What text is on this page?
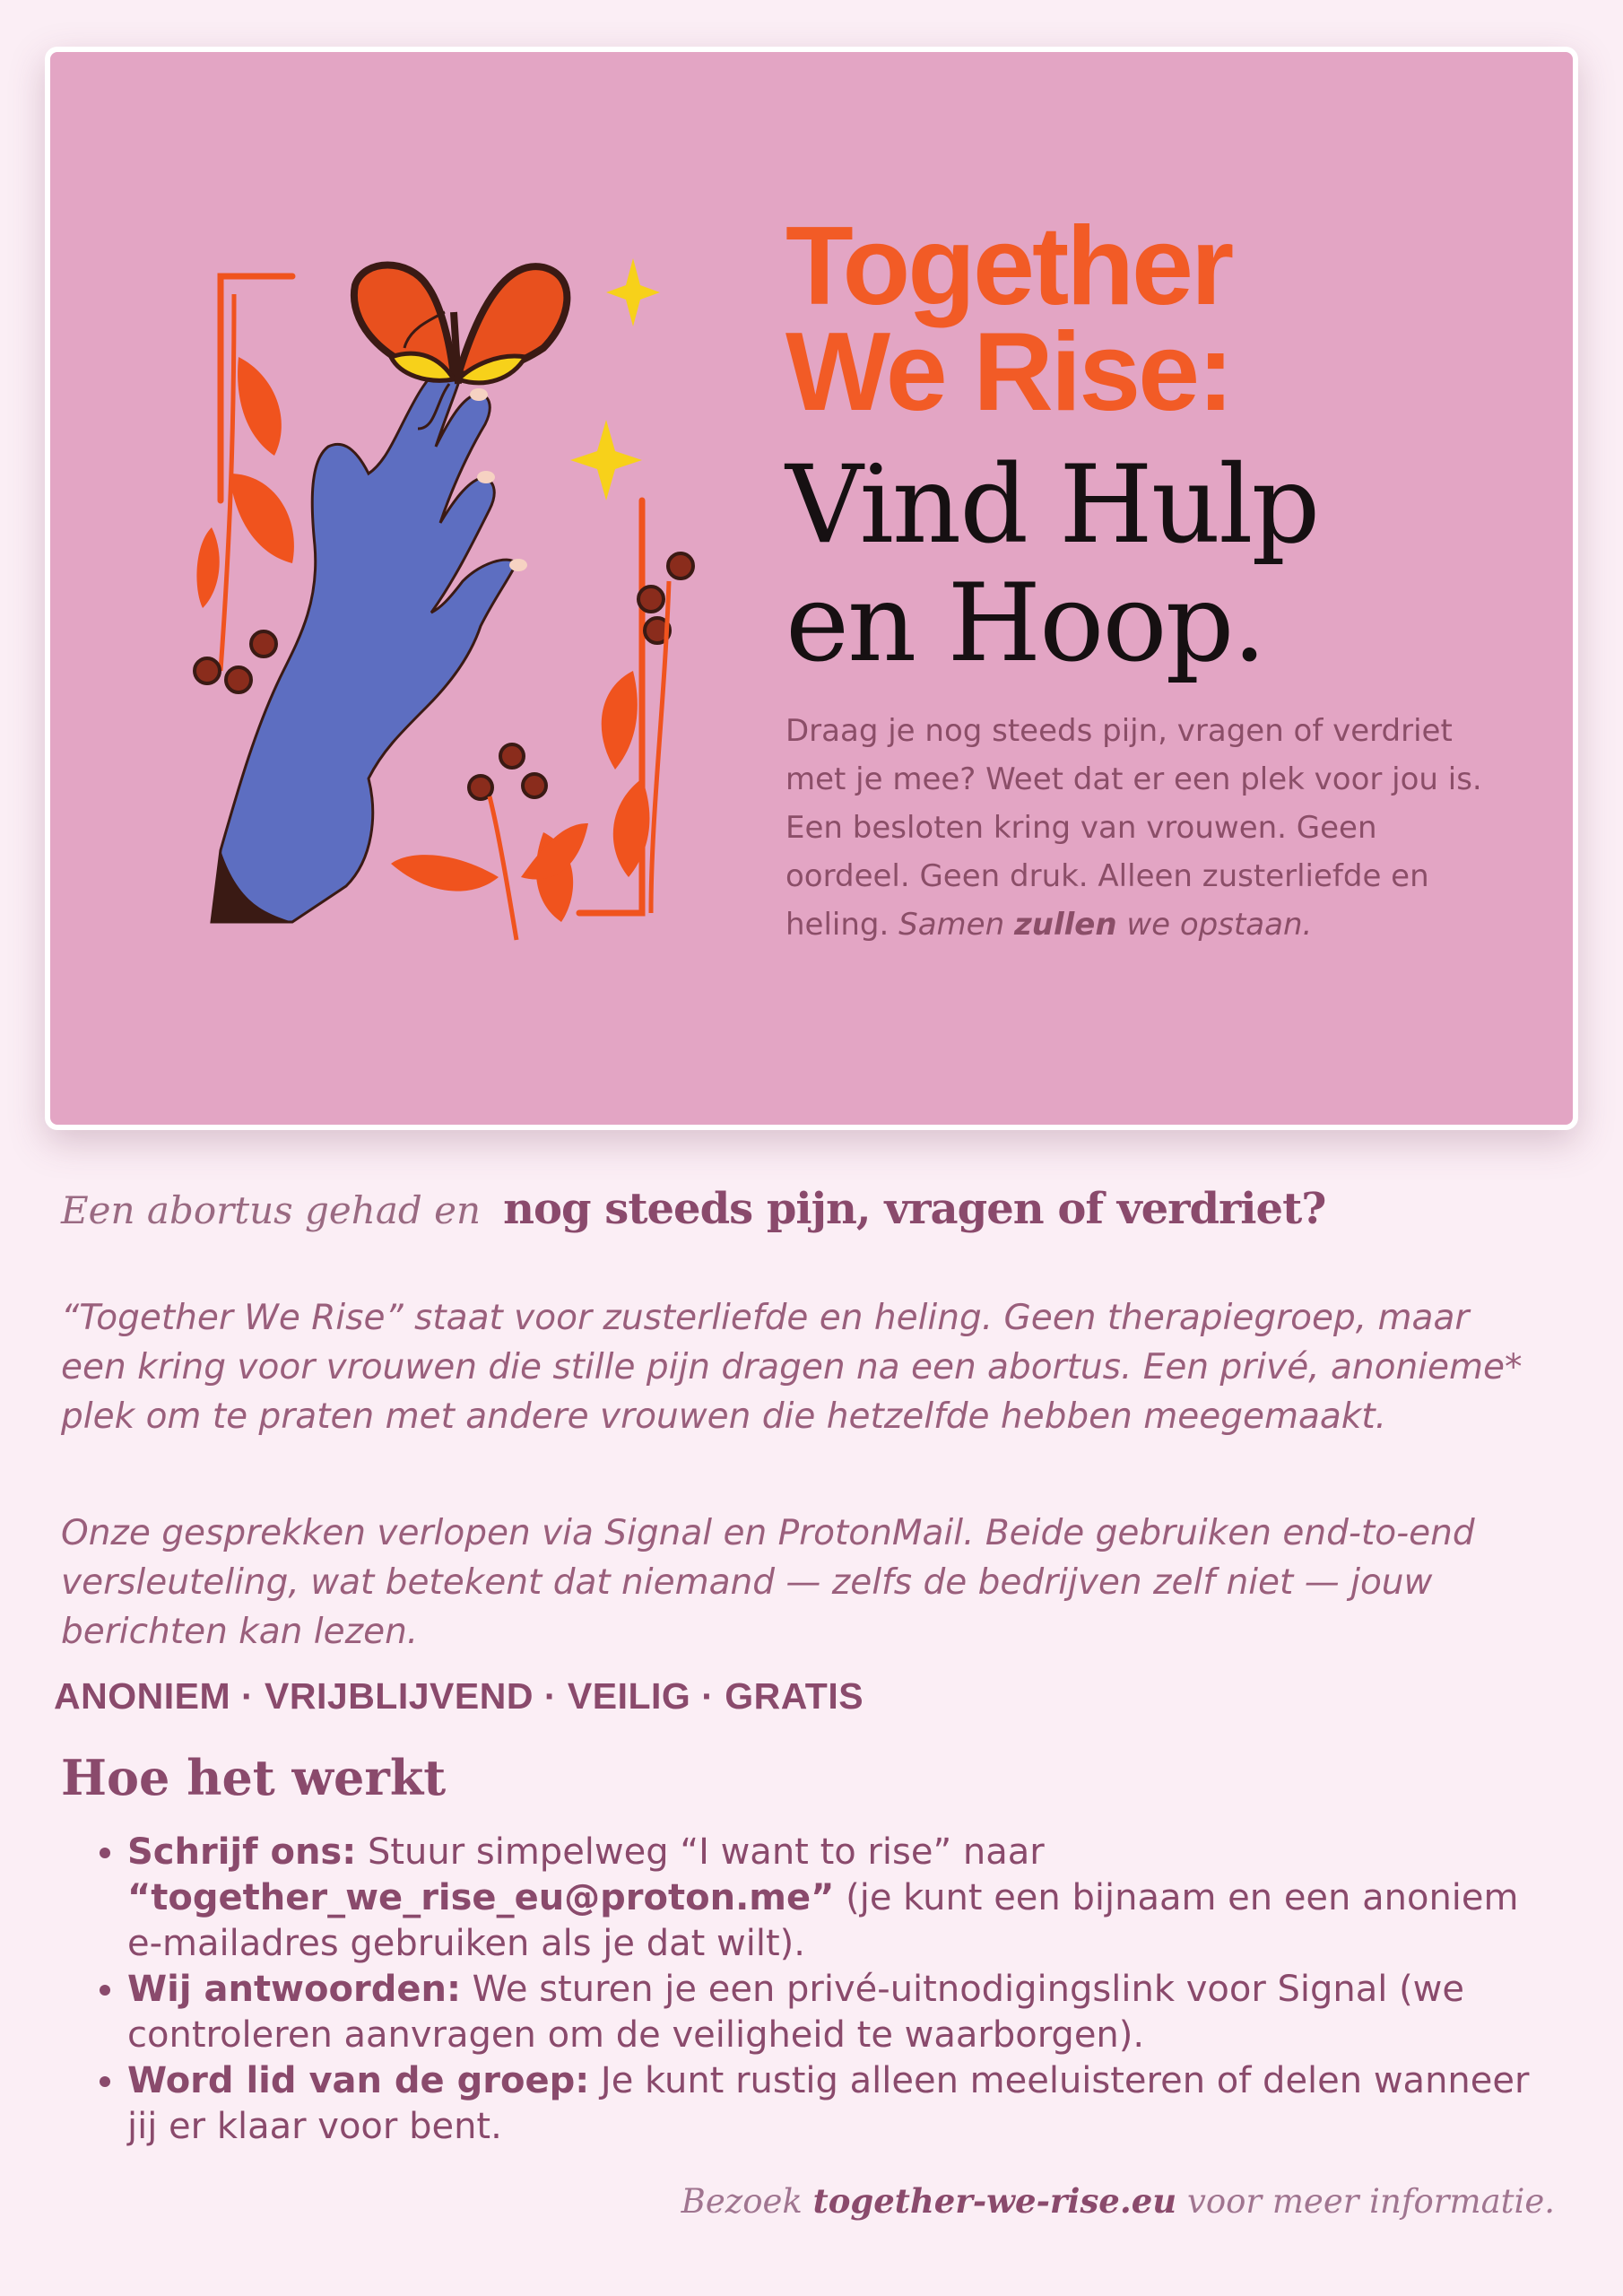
Together
We Rise:
Vind Hulp
en Hoop.
Draag je nog steeds pijn, vragen of verdriet met je mee? Weet dat er een plek voor jou is. Een besloten kring van vrouwen. Geen oordeel. Geen druk. Alleen zusterliefde en heling. Samen zullen we opstaan.
Een abortus gehad en nog steeds pijn, vragen of verdriet?

“Together We Rise” staat voor zusterliefde en heling. Geen therapiegroep, maar een kring voor vrouwen die stille pijn dragen na een abortus. Een privé, anonieme* plek om te praten met andere vrouwen die hetzelfde hebben meegemaakt.

Onze gesprekken verlopen via Signal en ProtonMail. Beide gebruiken end-to-end versleuteling, wat betekent dat niemand — zelfs de bedrijven zelf niet — jouw berichten kan lezen.

ANONIEM · VRIJBLIJVEND · VEILIG · GRATIS
Hoe het werkt
• Schrijf ons: Stuur simpelweg “I want to rise” naar “together_we_rise_eu@proton.me” (je kunt een bijnaam en een anoniem e-mailadres gebruiken als je dat wilt).
• Wij antwoorden: We sturen je een privé-uitnodigingslink voor Signal (we controleren aanvragen om de veiligheid te waarborgen).
• Word lid van de groep: Je kunt rustig alleen meeluisteren of delen wanneer jij er klaar voor bent.
Bezoek together-we-rise.eu voor meer informatie.
